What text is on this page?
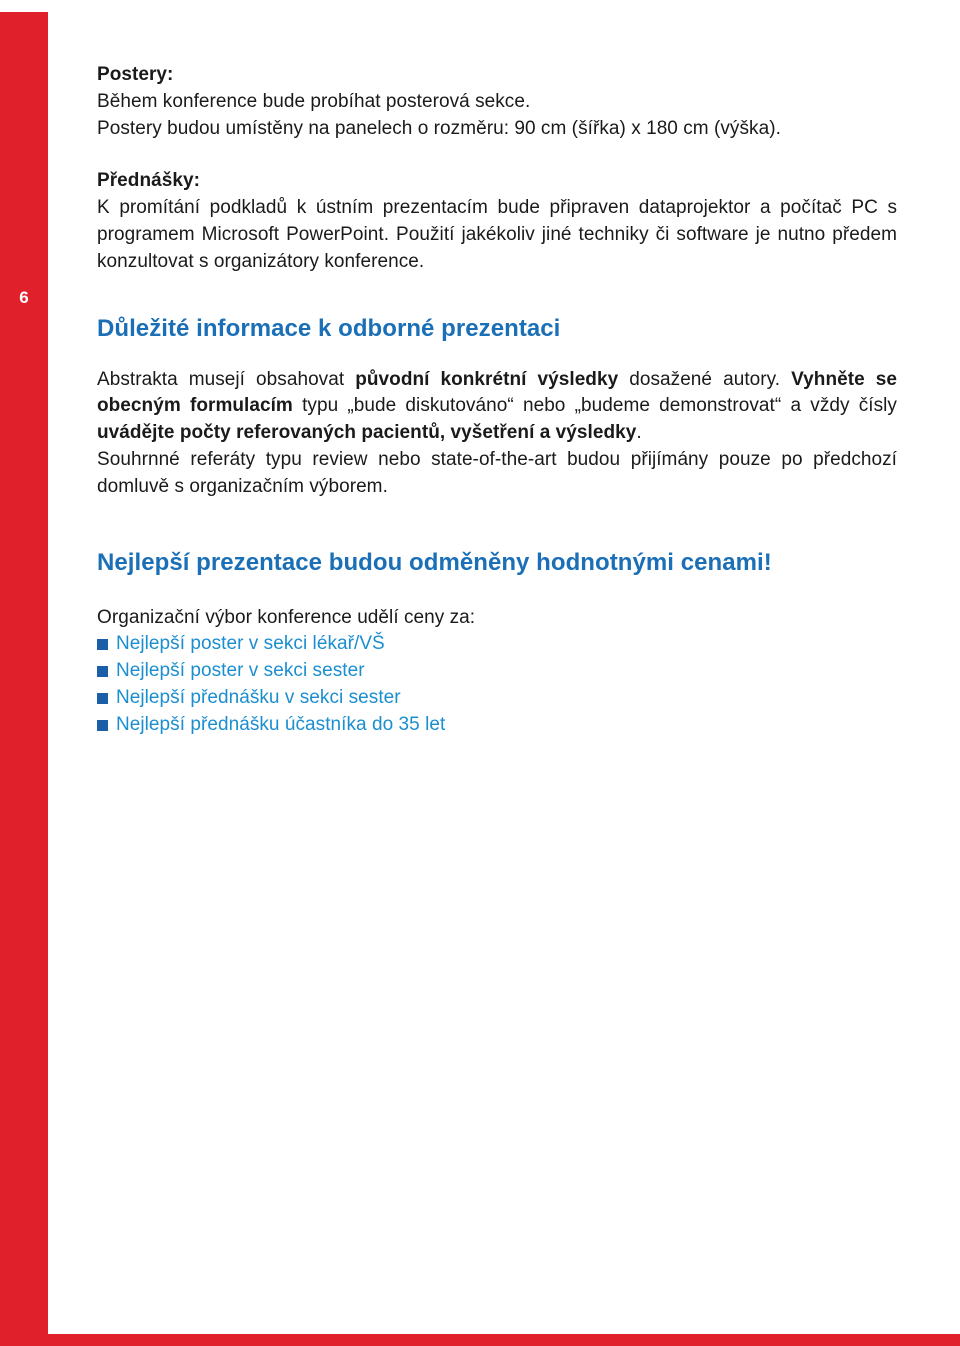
6
Postery:
Během konference bude probíhat posterová sekce.
Postery budou umístěny na panelech o rozměru: 90 cm (šířka) x 180 cm (výška).
Přednášky:
K promítání podkladů k ústním prezentacím bude připraven dataprojektor a počítač PC s programem Microsoft PowerPoint. Použití jakékoliv jiné techniky či software je nutno předem konzultovat s organizátory konference.
Důležité informace k odborné prezentaci

Abstrakta musejí obsahovat původní konkrétní výsledky dosažené autory. Vyhněte se obecným formulacím typu „bude diskutováno“ nebo „budeme demonstrovat“ a vždy čísly uvádějte počty referovaných pacientů, vyšetření a výsledky.

Souhrnné referáty typu review nebo state-of-the-art budou přijímány pouze po předchozí domluvě s organizačním výborem.

Nejlepší prezentace budou odměněny hodnotnými cenami!
Organizační výbor konference udělí ceny za:
Nejlepší poster v sekci lékař/VŠ
Nejlepší poster v sekci sester
Nejlepší přednášku v sekci sester
Nejlepší přednášku účastníka do 35 let
